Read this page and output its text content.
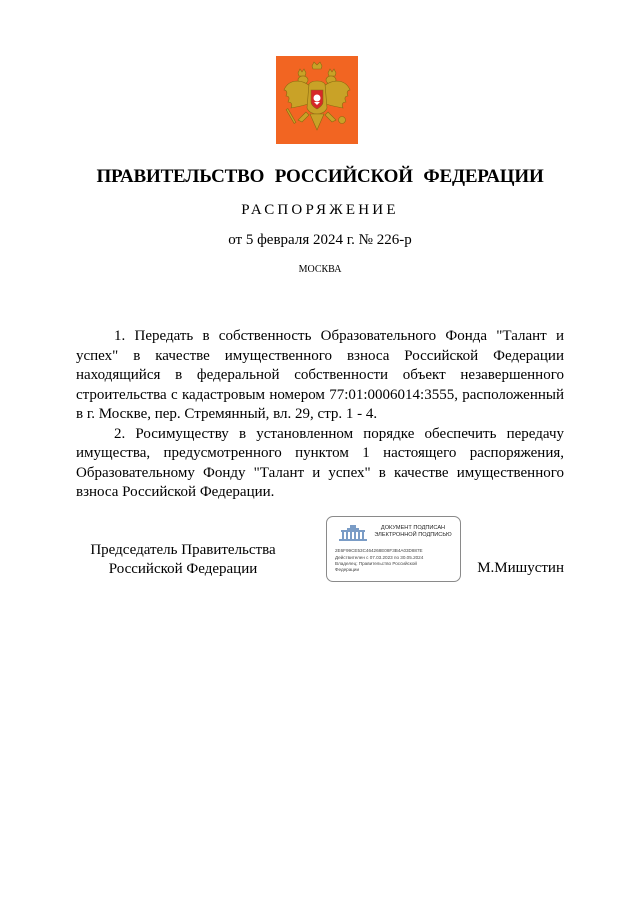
ПРАВИТЕЛЬСТВО РОССИЙСКОЙ ФЕДЕРАЦИИ
РАСПОРЯЖЕНИЕ
от 5 февраля 2024 г. № 226-р
МОСКВА

1. Передать в собственность Образовательного Фонда "Талант и успех" в качестве имущественного взноса Российской Федерации находящийся в федеральной собственности объект незавершенного строительства с кадастровым номером 77:01:0006014:3555, расположенный в г. Москве, пер. Стремянный, вл. 29, стр. 1 - 4.

2. Росимуществу в установленном порядке обеспечить передачу имущества, предусмотренного пунктом 1 настоящего распоряжения, Образовательному Фонду "Талант и успех" в качестве имущественного взноса Российской Федерации.

Председатель Правительства
Российской Федерации
ДОКУМЕНТ ПОДПИСАН
ЭЛЕКТРОННОЙ ПОДПИСЬЮ
2E6F99CE53C464268E08F3B4A03D887E
Действителен с 07.03.2023 по 30.05.2024
Владелец: Правительство Российской
Федерации	М.Мишустин
